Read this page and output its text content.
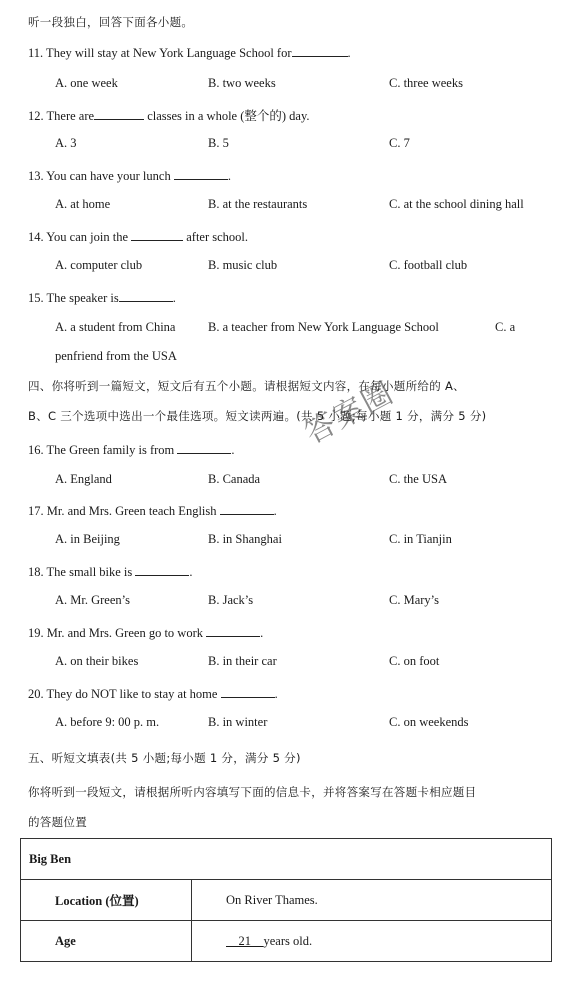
听一段独白，回答下面各小题。
11. They will stay at New York Language School for	.
A. one week	B. two weeks	C. three weeks
12. There are	classes in a whole (整个的) day.
A. 3	B. 5	C. 7
13. You can have your lunch	.
A. at home	B. at the restaurants	C. at the school dining hall
14. You can join the	after school.
A. computer club	B. music club	C. football club
15. The speaker is	.
A. a student from China	B. a teacher from New York Language School	C. a
penfriend from the USA
四、你将听到一篇短文，短文后有五个小题。请根据短文内容，在每小题所给的 A、
B、C 三个选项中选出一个最佳选项。短文读两遍。(共 5 小题;每小题 1 分，满分 5 分)
16. The Green family is from	.
A. England	B. Canada	C. the USA
17. Mr. and Mrs. Green teach English	.
A. in Beijing	B. in Shanghai	C. in Tianjin
18. The small bike is	.
A. Mr. Green’s	B. Jack’s	C. Mary’s
19. Mr. and Mrs. Green go to work	.
A. on their bikes	B. in their car	C. on foot
20. They do NOT like to stay at home	.
A. before 9: 00 p. m.	B. in winter	C. on weekends
五、听短文填表(共 5 小题;每小题 1 分，满分 5 分)
你将听到一段短文，请根据所听内容填写下面的信息卡，并将答案写在答题卡相应题目
的答题位置
Big Ben	
Location (位置)	On River Thames.
Age	21 years old.
答案圈
